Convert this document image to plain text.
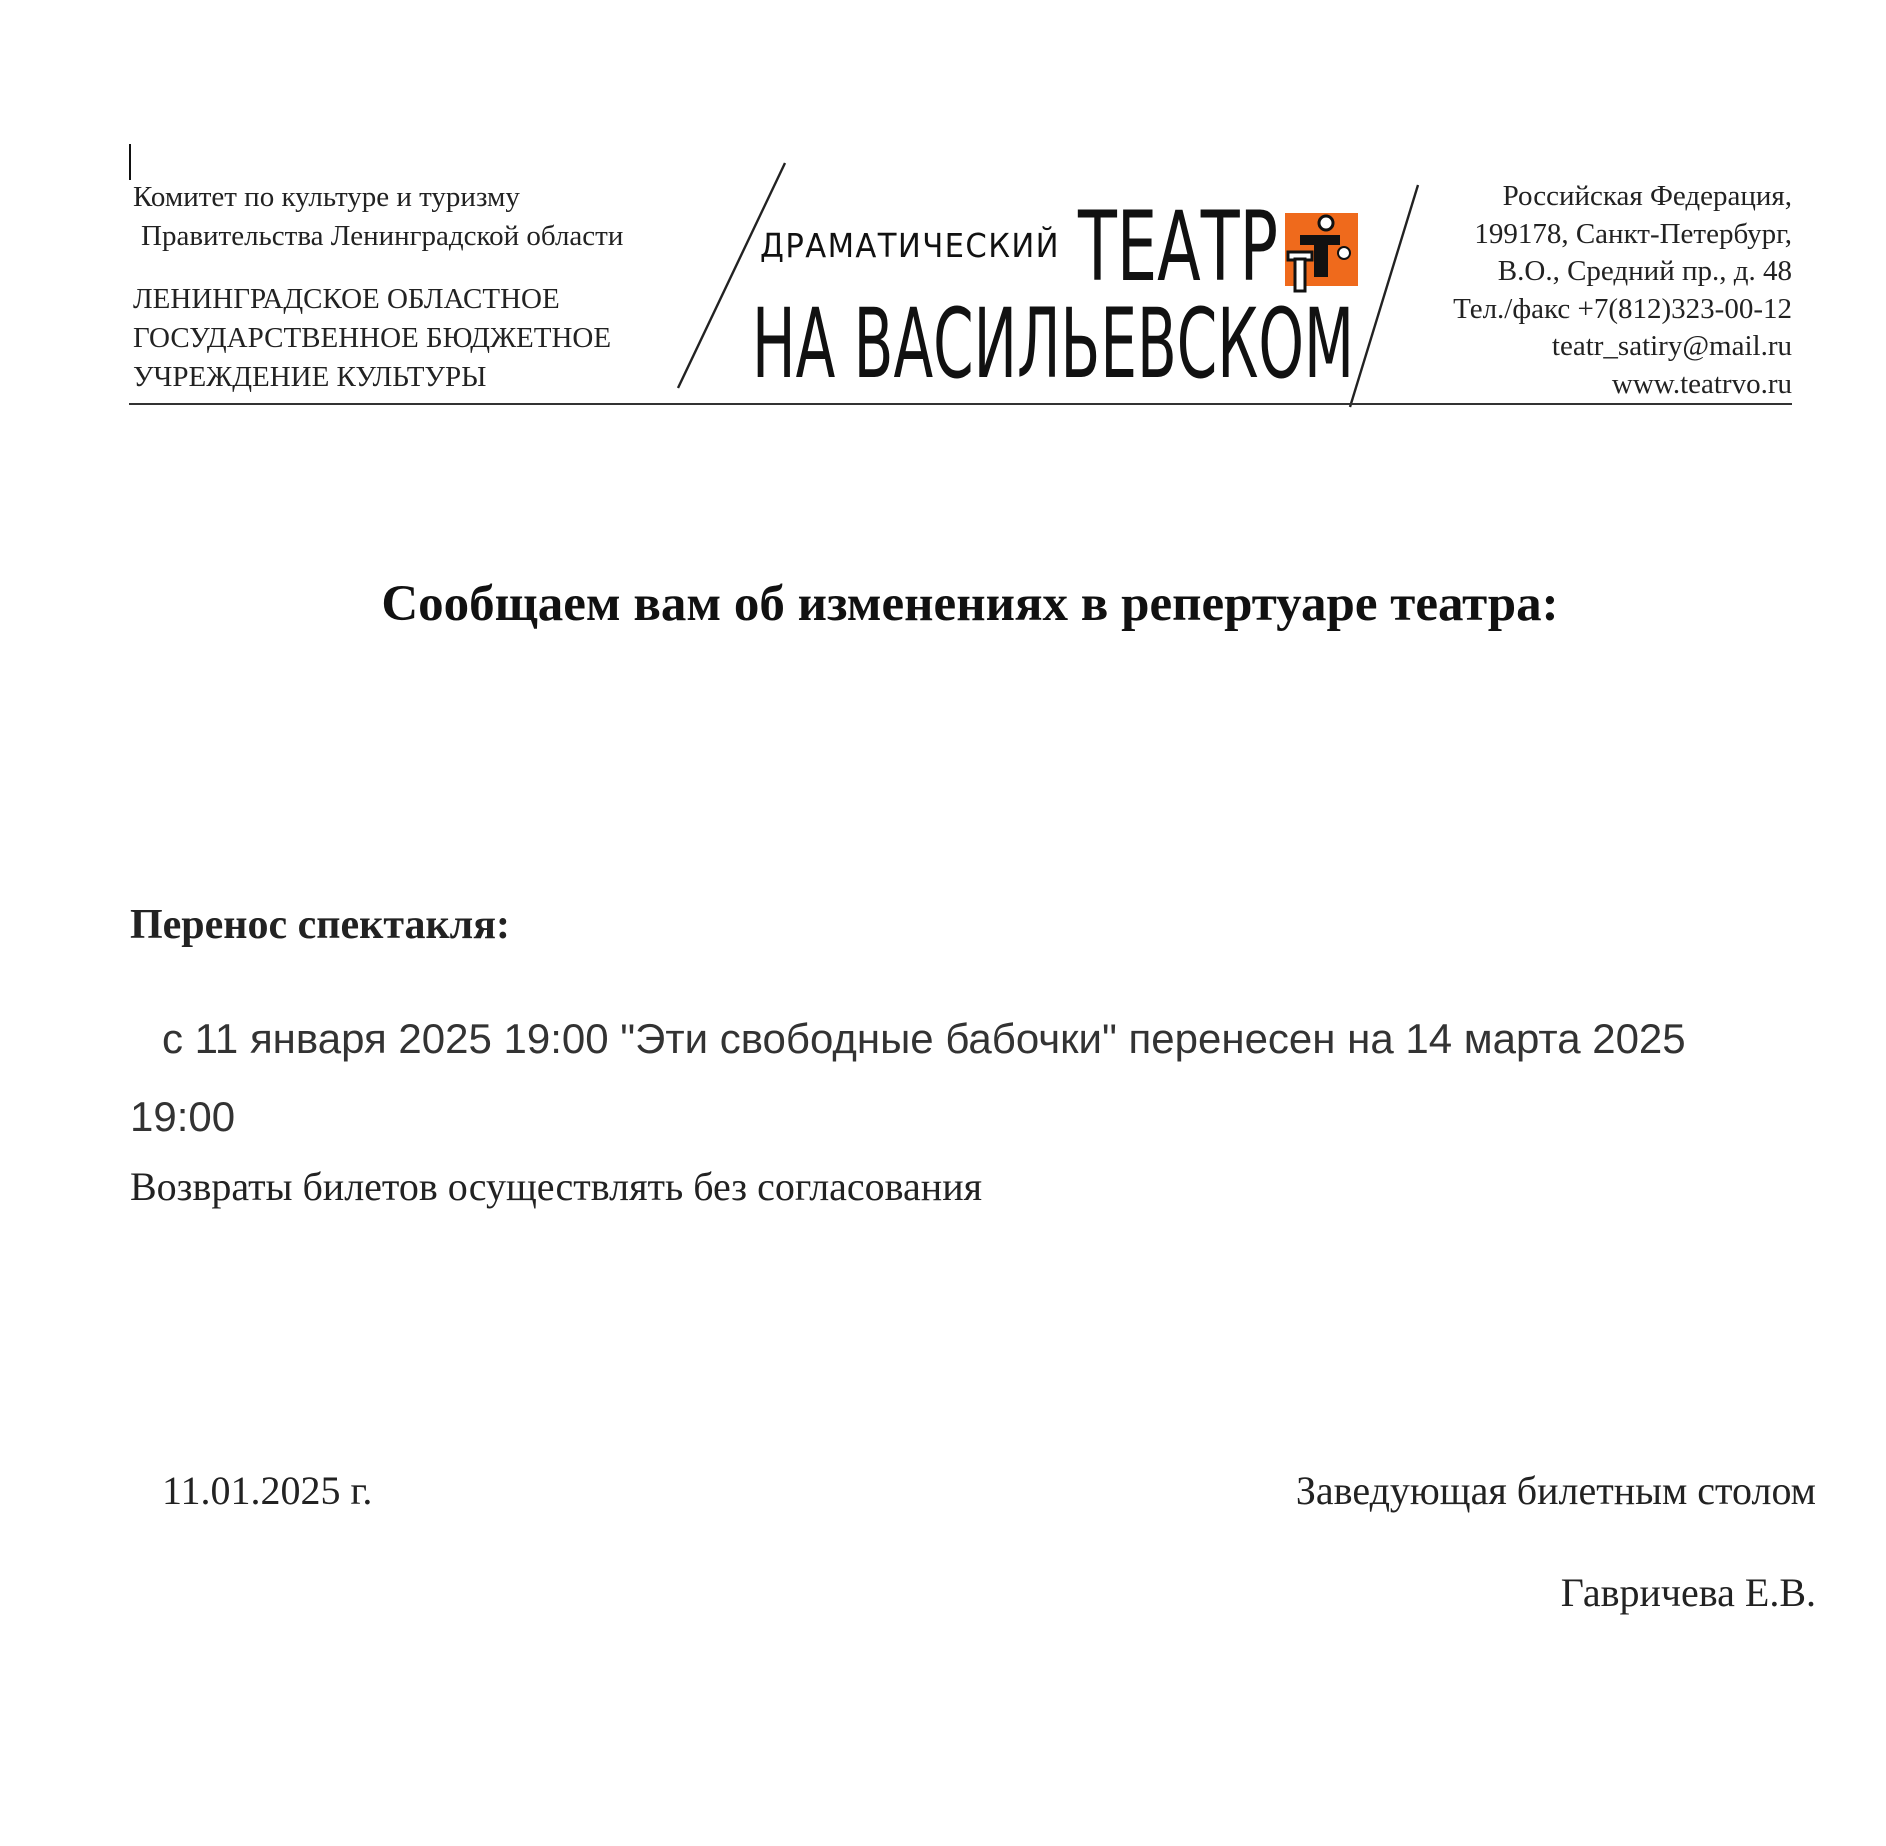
Комитет по культуре и туризму
Правительства Ленинградской области
ЛЕНИНГРАДСКОЕ ОБЛАСТНОЕ
ГОСУДАРСТВЕННОЕ БЮДЖЕТНОЕ
УЧРЕЖДЕНИЕ КУЛЬТУРЫ
ДРАМАТИЧЕСКИЙ
ТЕАТР
НА ВАСИЛЬЕВСКОМ
Российская Федерация,
199178, Санкт-Петербург,
В.О., Средний пр., д. 48
Тел./факс +7(812)323-00-12
teatr_satiry@mail.ru
www.teatrvo.ru
Сообщаем вам об изменениях в репертуаре театра:
Перенос спектакля:
с 11 января 2025 19:00 "Эти свободные бабочки" перенесен на 14 марта 2025
19:00
Возвраты билетов осуществлять без согласования
11.01.2025 г.	Заведующая билетным столом
Гавричева Е.В.
